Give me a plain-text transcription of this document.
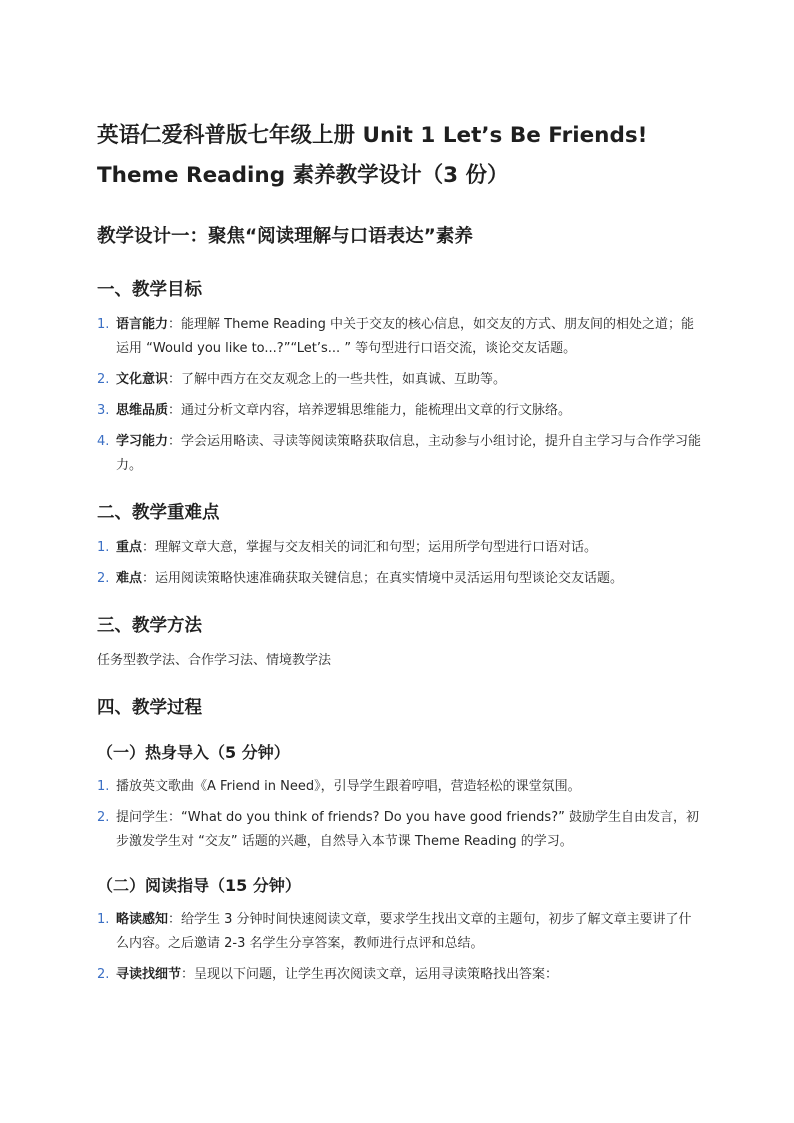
英语仁爱科普版七年级上册 Unit 1 Let’s Be Friends!
Theme Reading 素养教学设计（3 份）
教学设计一：聚焦“阅读理解与口语表达”素养
一、教学目标
1. 语言能力：能理解 Theme Reading 中关于交友的核心信息，如交友的方式、朋友间的相处之道；能运用 “Would you like to...?”“Let’s... ” 等句型进行口语交流，谈论交友话题。
2. 文化意识：了解中西方在交友观念上的一些共性，如真诚、互助等。
3. 思维品质：通过分析文章内容，培养逻辑思维能力，能梳理出文章的行文脉络。
4. 学习能力：学会运用略读、寻读等阅读策略获取信息，主动参与小组讨论，提升自主学习与合作学习能力。
二、教学重难点
1. 重点：理解文章大意，掌握与交友相关的词汇和句型；运用所学句型进行口语对话。
2. 难点：运用阅读策略快速准确获取关键信息；在真实情境中灵活运用句型谈论交友话题。
三、教学方法

任务型教学法、合作学习法、情境教学法

四、教学过程
（一）热身导入（5 分钟）
1. 播放英文歌曲《A Friend in Need》，引导学生跟着哼唱，营造轻松的课堂氛围。
2. 提问学生：“What do you think of friends? Do you have good friends?” 鼓励学生自由发言，初步激发学生对 “交友” 话题的兴趣，自然导入本节课 Theme Reading 的学习。
（二）阅读指导（15 分钟）
1. 略读感知：给学生 3 分钟时间快速阅读文章，要求学生找出文章的主题句，初步了解文章主要讲了什么内容。之后邀请 2-3 名学生分享答案，教师进行点评和总结。
2. 寻读找细节：呈现以下问题，让学生再次阅读文章，运用寻读策略找出答案：
